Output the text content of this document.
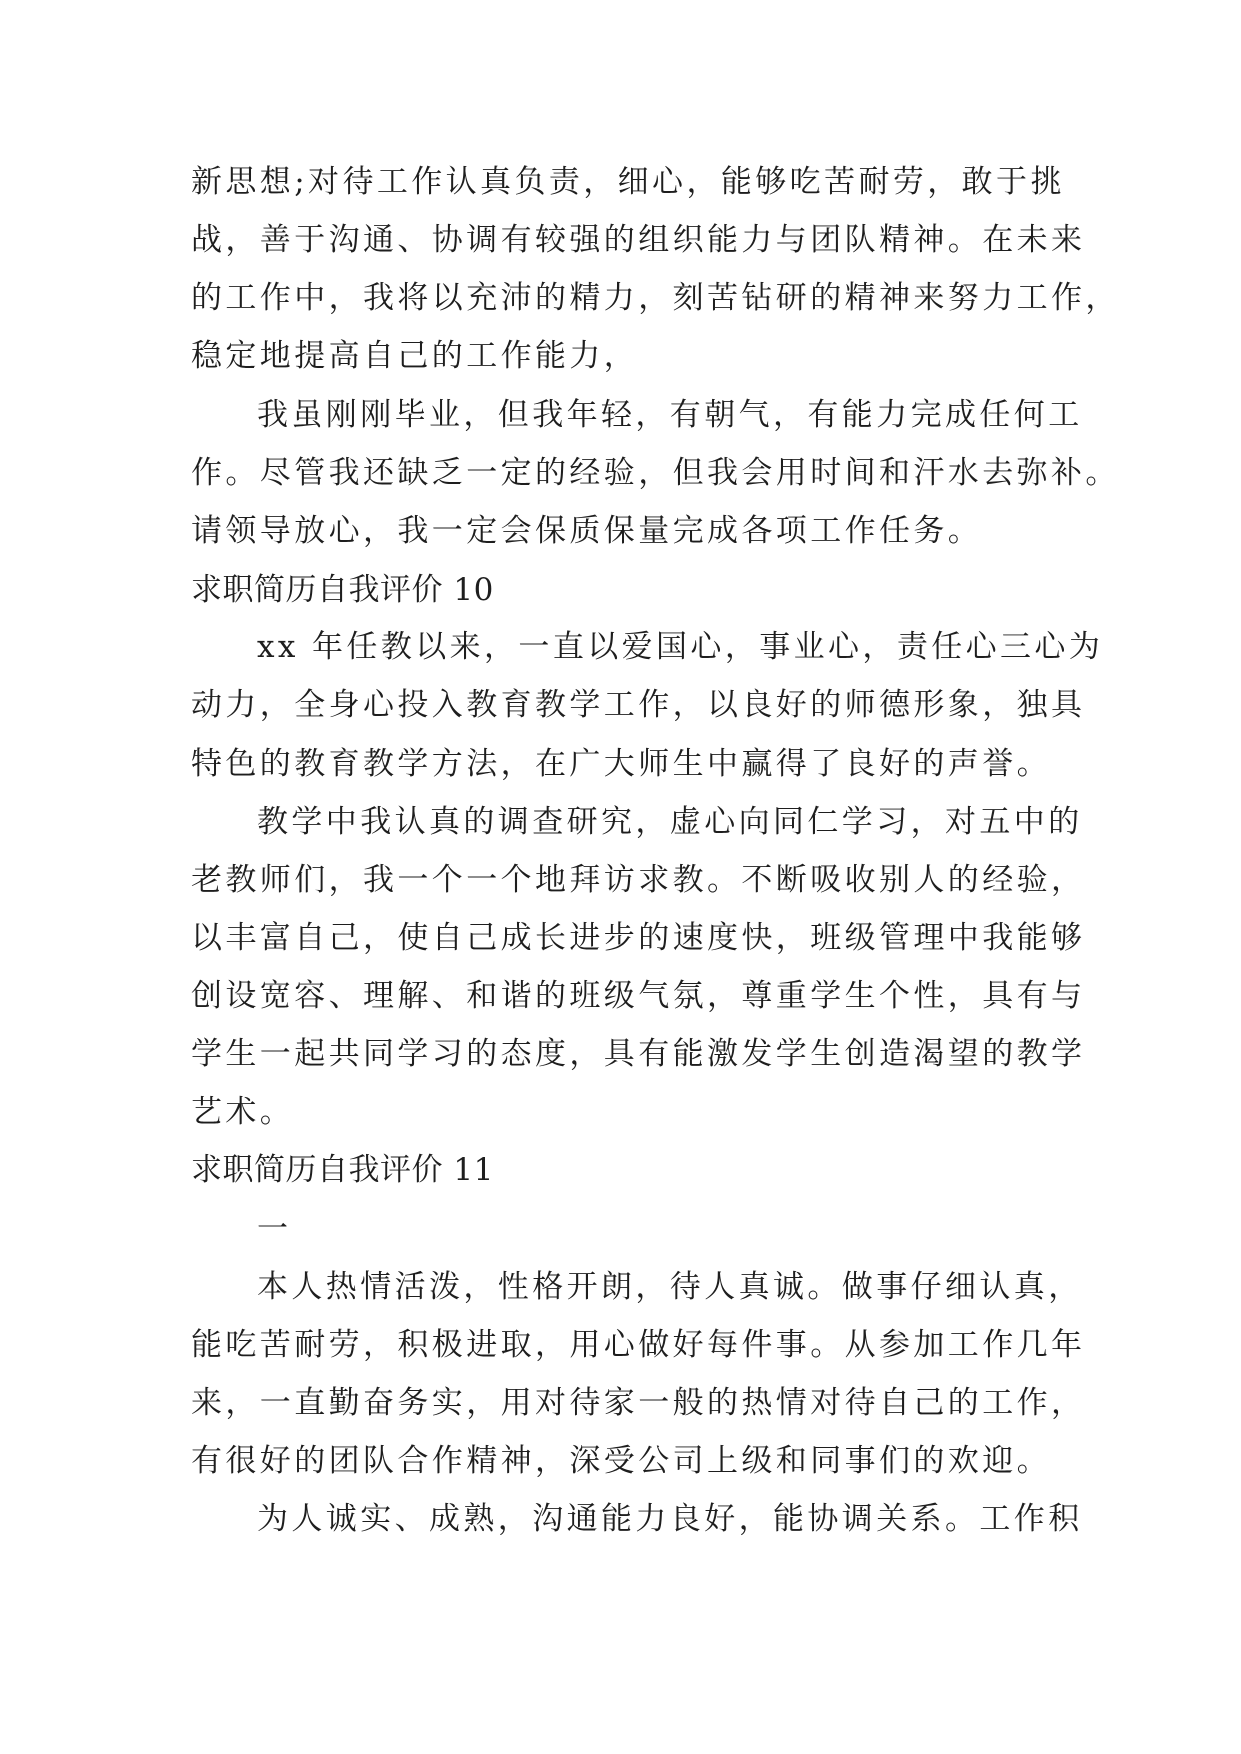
新思想;对待工作认真负责，细心，能够吃苦耐劳，敢于挑
战，善于沟通、协调有较强的组织能力与团队精神。在未来
的工作中，我将以充沛的精力，刻苦钻研的精神来努力工作，
稳定地提高自己的工作能力，
我虽刚刚毕业，但我年轻，有朝气，有能力完成任何工
作。尽管我还缺乏一定的经验，但我会用时间和汗水去弥补。
请领导放心，我一定会保质保量完成各项工作任务。
求职简历自我评价 10
xx 年任教以来，一直以爱国心，事业心，责任心三心为
动力，全身心投入教育教学工作，以良好的师德形象，独具
特色的教育教学方法，在广大师生中赢得了良好的声誉。
教学中我认真的调查研究，虚心向同仁学习，对五中的
老教师们，我一个一个地拜访求教。不断吸收别人的经验，
以丰富自己，使自己成长进步的速度快，班级管理中我能够
创设宽容、理解、和谐的班级气氛，尊重学生个性，具有与
学生一起共同学习的态度，具有能激发学生创造渴望的教学
艺术。
求职简历自我评价 11
一
本人热情活泼，性格开朗，待人真诚。做事仔细认真，
能吃苦耐劳，积极进取，用心做好每件事。从参加工作几年
来，一直勤奋务实，用对待家一般的热情对待自己的工作，
有很好的团队合作精神，深受公司上级和同事们的欢迎。
为人诚实、成熟，沟通能力良好，能协调关系。工作积
